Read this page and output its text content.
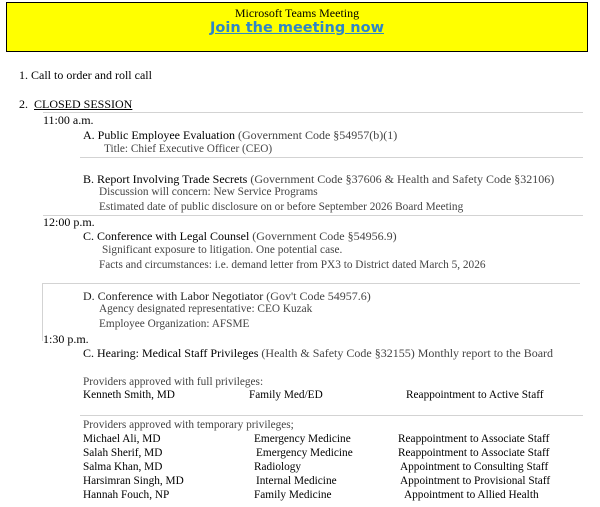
Microsoft Teams Meeting
Join the meeting now
1. Call to order and roll call
2. CLOSED SESSION
11:00 a.m.
A. Public Employee Evaluation (Government Code §54957(b)(1)
Title: Chief Executive Officer (CEO)
B. Report Involving Trade Secrets (Government Code §37606 & Health and Safety Code §32106)
Discussion will concern: New Service Programs
Estimated date of public disclosure on or before September 2026 Board Meeting
12:00 p.m.
C. Conference with Legal Counsel (Government Code §54956.9)
Significant exposure to litigation. One potential case.
Facts and circumstances: i.e. demand letter from PX3 to District dated March 5, 2026
D. Conference with Labor Negotiator (Gov't Code 54957.6)
Agency designated representative: CEO Kuzak
Employee Organization: AFSME
1:30 p.m.
C. Hearing: Medical Staff Privileges (Health & Safety Code §32155) Monthly report to the Board
Providers approved with full privileges:
Kenneth Smith, MD	Family Med/ED	Reappointment to Active Staff
Providers approved with temporary privileges;
Michael Ali, MD	Emergency Medicine	Reappointment to Associate Staff
Salah Sherif, MD	Emergency Medicine	Reappointment to Associate Staff
Salma Khan, MD	Radiology	Appointment to Consulting Staff
Harsimran Singh, MD	Internal Medicine	Appointment to Provisional Staff
Hannah Fouch, NP	Family Medicine	Appointment to Allied Health
